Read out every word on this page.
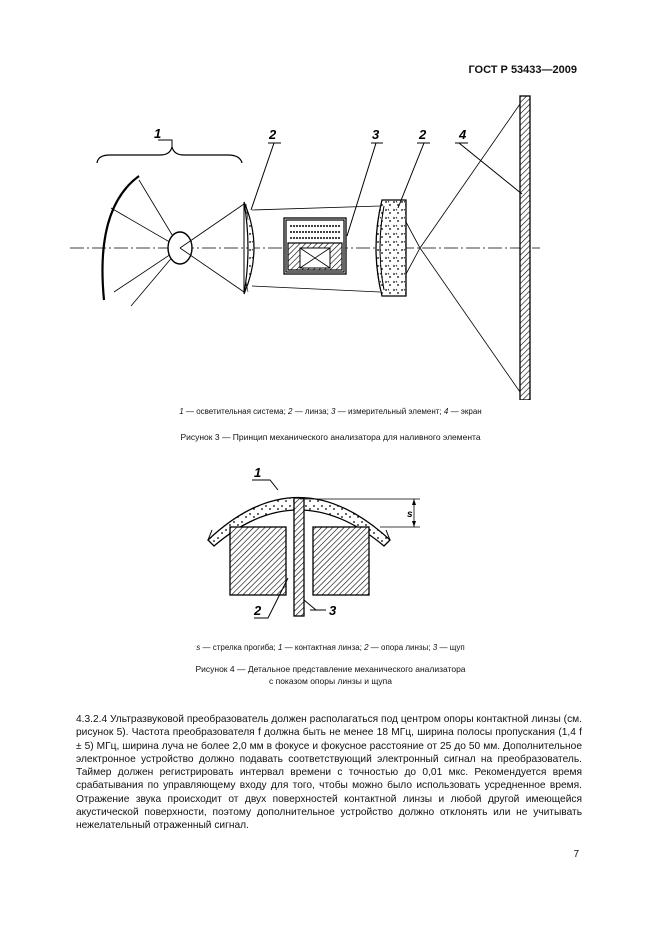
ГОСТ Р 53433—2009
1	2	3	2	4
1 — осветительная система; 2 — линза; 3 — измерительный элемент; 4 — экран
Рисунок 3 — Принцип механического анализатора для наливного элемента
1
s
2	3
s — стрелка прогиба; 1 — контактная линза; 2 — опора линзы; 3 — щуп
Рисунок 4 — Детальное представление механического анализатора
с показом опоры линзы и щупа

4.3.2.4 Ультразвуковой преобразователь должен располагаться под центром опоры контактной линзы (см. рисунок 5). Частота преобразователя f должна быть не менее 18 МГц, ширина полосы пропускания (1,4 f ± 5) МГц, ширина луча не более 2,0 мм в фокусе и фокусное расстояние от 25 до 50 мм. Дополнительное электронное устройство должно подавать соответствующий электронный сигнал на преобразователь. Таймер должен регистрировать интервал времени с точностью до 0,01 мкс. Рекомендуется время срабатывания по управляющему входу для того, чтобы можно было использовать усредненное время. Отражение звука происходит от двух поверхностей контактной линзы и любой другой имеющейся акустической поверхности, поэтому дополнительное устройство должно отклонять или не учитывать нежелательный отраженный сигнал.

7
